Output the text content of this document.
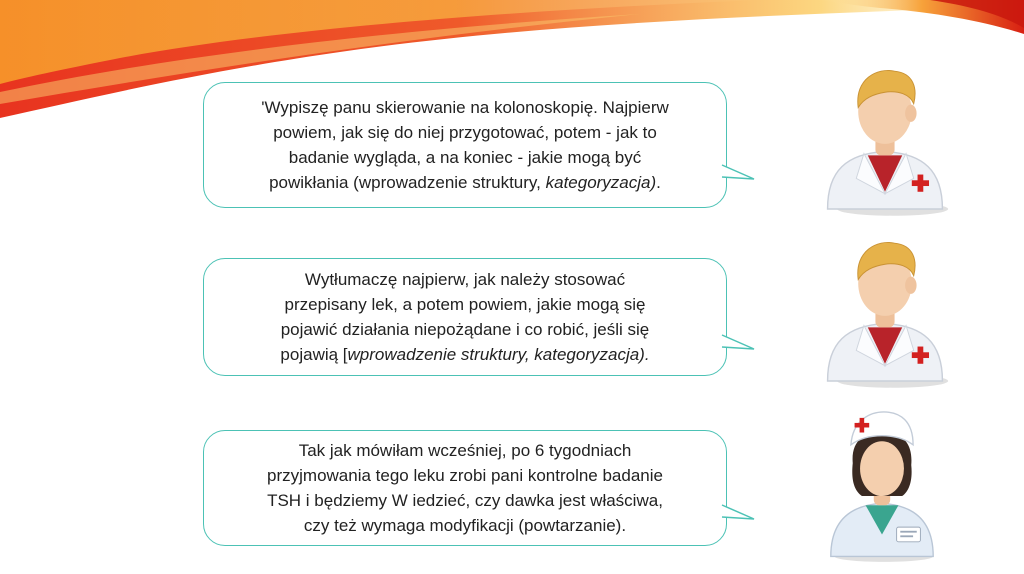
'Wypiszę panu skierowanie na kolonoskopię. Najpierw
powiem, jak się do niej przygotować, potem - jak to
badanie wygląda, a na koniec - jakie mogą być
powikłania (wprowadzenie struktury, kategoryzacja).

Wytłumaczę najpierw, jak należy stosować
przepisany lek, a potem powiem, jakie mogą się
pojawić działania niepożądane i co robić, jeśli się
pojawią [wprowadzenie struktury, kategoryzacja).

Tak jak mówiłam wcześniej, po 6 tygodniach
przyjmowania tego leku zrobi pani kontrolne badanie
TSH i będziemy W iedzieć, czy dawka jest właściwa,
czy też wymaga modyfikacji (powtarzanie).
